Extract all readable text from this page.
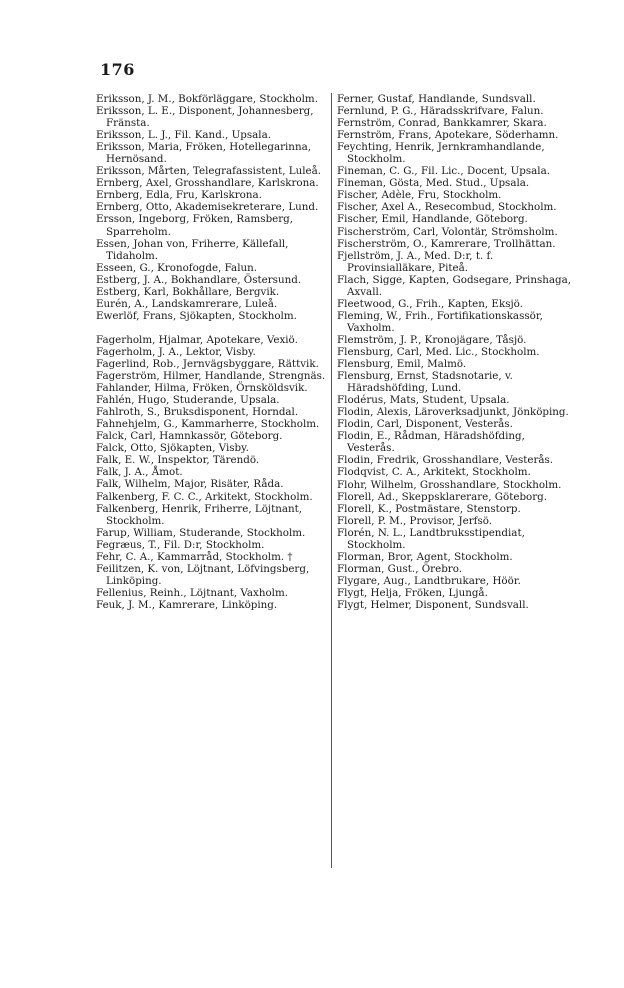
176
Eriksson, J. M., Bokförläggare, Stockholm.
Eriksson, L. E., Disponent, Johannesberg, Fränsta.
Eriksson, L. J., Fil. Kand., Upsala.
Eriksson, Maria, Fröken, Hotellegarinna, Hernösand.
Eriksson, Mårten, Telegrafassistent, Luleå.
Ernberg, Axel, Grosshandlare, Karlskrona.
Ernberg, Edla, Fru, Karlskrona.
Ernberg, Otto, Akademisekreterare, Lund.
Ersson, Ingeborg, Fröken, Ramsberg, Sparreholm.
Essen, Johan von, Friherre, Källefall, Tidaholm.
Esseen, G., Kronofogde, Falun.
Estberg, J. A., Bokhandlare, Östersund.
Estberg, Karl, Bokhållare, Bergvik.
Eurén, A., Landskamrerare, Luleå.
Ewerlöf, Frans, Sjökapten, Stockholm.
Fagerholm, Hjalmar, Apotekare, Vexiö.
Fagerholm, J. A., Lektor, Visby.
Fagerlind, Rob., Jernvägsbyggare, Rättvik.
Fagerström, Hilmer, Handlande, Strengnäs.
Fahlander, Hilma, Fröken, Örnsköldsvik.
Fahlén, Hugo, Studerande, Upsala.
Fahlroth, S., Bruksdisponent, Horndal.
Fahnehjelm, G., Kammarherre, Stockholm.
Falck, Carl, Hamnkassör, Göteborg.
Falck, Otto, Sjökapten, Visby.
Falk, E. W., Inspektor, Tärendö.
Falk, J. A., Åmot.
Falk, Wilhelm, Major, Risäter, Råda.
Falkenberg, F. C. C., Arkitekt, Stockholm.
Falkenberg, Henrik, Friherre, Löjtnant, Stockholm.
Farup, William, Studerande, Stockholm.
Fegræus, T., Fil. D:r, Stockholm.
Fehr, C. A., Kammarråd, Stockholm. †
Feilitzen, K. von, Löjtnant, Löfvingsberg, Linköping.
Fellenius, Reinh., Löjtnant, Vaxholm.
Feuk, J. M., Kamrerare, Linköping.
Ferner, Gustaf, Handlande, Sundsvall.
Fernlund, P. G., Häradsskrifvare, Falun.
Fernström, Conrad, Bankkamrer, Skara.
Fernström, Frans, Apotekare, Söderhamn.
Feychting, Henrik, Jernkramhandlande, Stockholm.
Fineman, C. G., Fil. Lic., Docent, Upsala.
Fineman, Gösta, Med. Stud., Upsala.
Fischer, Adèle, Fru, Stockholm.
Fischer, Axel A., Resecombud, Stockholm.
Fischer, Emil, Handlande, Göteborg.
Fischerström, Carl, Volontär, Strömsholm.
Fischerström, O., Kamrerare, Trollhättan.
Fjellström, J. A., Med. D:r, t. f. Provinsialläkare, Piteå.
Flach, Sigge, Kapten, Godsegare, Prinshaga, Axvall.
Fleetwood, G., Frih., Kapten, Eksjö.
Fleming, W., Frih., Fortifikationskassör, Vaxholm.
Flemström, J. P., Kronojägare, Tåsjö.
Flensburg, Carl, Med. Lic., Stockholm.
Flensburg, Emil, Malmö.
Flensburg, Ernst, Stadsnotarie, v. Häradshöfding, Lund.
Flodérus, Mats, Student, Upsala.
Flodin, Alexis, Läroverksadjunkt, Jönköping.
Flodin, Carl, Disponent, Vesterås.
Flodin, E., Rådman, Häradshöfding, Vesterås.
Flodin, Fredrik, Grosshandlare, Vesterås.
Flodqvist, C. A., Arkitekt, Stockholm.
Flohr, Wilhelm, Grosshandlare, Stockholm.
Florell, Ad., Skeppsklarerare, Göteborg.
Florell, K., Postmästare, Stenstorp.
Florell, P. M., Provisor, Jerfsö.
Florén, N. L., Landtbruksstipendiat, Stockholm.
Florman, Bror, Agent, Stockholm.
Florman, Gust., Örebro.
Flygare, Aug., Landtbrukare, Höör.
Flygt, Helja, Fröken, Ljungå.
Flygt, Helmer, Disponent, Sundsvall.
